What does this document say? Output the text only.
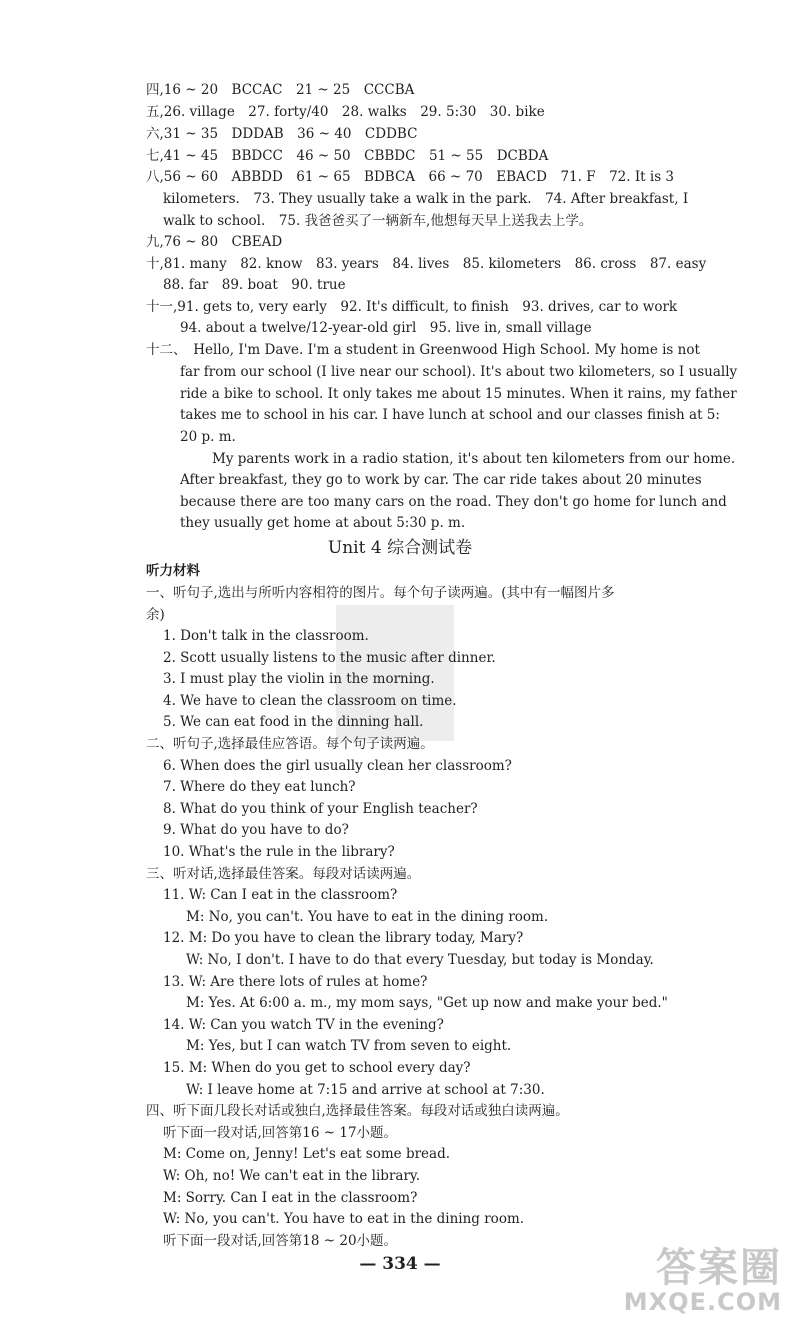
四,16 ~ 20　BCCAC　21 ~ 25　CCCBA
五,26. village　27. forty/40　28. walks　29. 5:30　30. bike
六,31 ~ 35　DDDAB　36 ~ 40　CDDBC
七,41 ~ 45　BBDCC　46 ~ 50　CBBDC　51 ~ 55　DCBDA
八,56 ~ 60　ABBDD　61 ~ 65　BDBCA　66 ~ 70　EBACD　71. F　72. It is 3
kilometers.　73. They usually take a walk in the park.　74. After breakfast, I
walk to school.　75. 我爸爸买了一辆新车,他想每天早上送我去上学。
九,76 ~ 80　CBEAD
十,81. many　82. know　83. years　84. lives　85. kilometers　86. cross　87. easy
88. far　89. boat　90. true
十一,91. gets to, very early　92. It's difficult, to finish　93. drives, car to work
94. about a twelve/12-year-old girl　95. live in, small village
十二、　Hello, I'm Dave. I'm a student in Greenwood High School. My home is not
far from our school (I live near our school). It's about two kilometers, so I usually
ride a bike to school. It only takes me about 15 minutes. When it rains, my father
takes me to school in his car. I have lunch at school and our classes finish at 5:
20 p. m.
My parents work in a radio station, it's about ten kilometers from our home.
After breakfast, they go to work by car. The car ride takes about 20 minutes
because there are too many cars on the road. They don't go home for lunch and
they usually get home at about 5:30 p. m.
Unit 4 综合测试卷
听力材料
一、听句子,选出与所听内容相符的图片。每个句子读两遍。(其中有一幅图片多
余)
1. Don't talk in the classroom.
2. Scott usually listens to the music after dinner.
3. I must play the violin in the morning.
4. We have to clean the classroom on time.
5. We can eat food in the dinning hall.
二、听句子,选择最佳应答语。每个句子读两遍。
6. When does the girl usually clean her classroom?
7. Where do they eat lunch?
8. What do you think of your English teacher?
9. What do you have to do?
10. What's the rule in the library?
三、听对话,选择最佳答案。每段对话读两遍。
11. W: Can I eat in the classroom?
M: No, you can't. You have to eat in the dining room.
12. M: Do you have to clean the library today, Mary?
W: No, I don't. I have to do that every Tuesday, but today is Monday.
13. W: Are there lots of rules at home?
M: Yes. At 6:00 a. m., my mom says, "Get up now and make your bed."
14. W: Can you watch TV in the evening?
M: Yes, but I can watch TV from seven to eight.
15. M: When do you get to school every day?
W: I leave home at 7:15 and arrive at school at 7:30.
四、听下面几段长对话或独白,选择最佳答案。每段对话或独白读两遍。
听下面一段对话,回答第16 ~ 17小题。
M: Come on, Jenny! Let's eat some bread.
W: Oh, no! We can't eat in the library.
M: Sorry. Can I eat in the classroom?
W: No, you can't. You have to eat in the dining room.
听下面一段对话,回答第18 ~ 20小题。
— 334 —	答案圈
MXQE.COM
